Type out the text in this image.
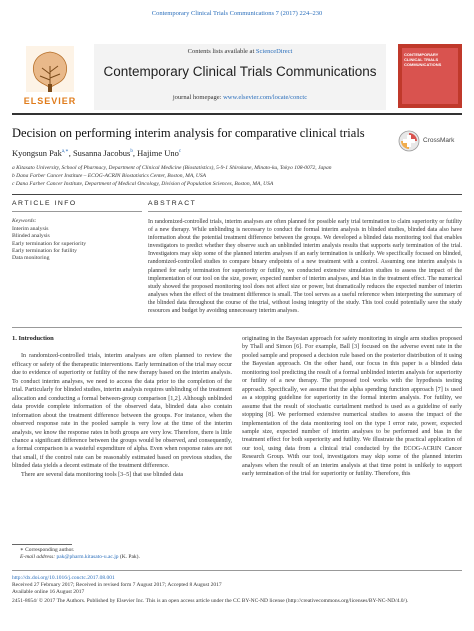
Contemporary Clinical Trials Communications 7 (2017) 224–230
ELSEVIER
Contents lists available at ScienceDirect
Contemporary Clinical Trials Communications
journal homepage: www.elsevier.com/locate/conctc
CONTEMPORARY CLINICAL TRIALS COMMUNICATIONS
Decision on performing interim analysis for comparative clinical trials
CrossMark
Kyongsun Pak$^{a,∗}$, Susanna Jacobus$^b$, Hajime Uno$^c$
a Kitasato University, School of Pharmacy, Department of Clinical Medicine (Biostatistics), 5-9-1 Shirokane, Minato-ku, Tokyo 108-0072, Japan
b Dana Farber Cancer Institute – ECOG-ACRIN Biostatistics Center, Boston, MA, USA
c Dana Farber Cancer Institute, Department of Medical Oncology, Division of Population Sciences, Boston, MA, USA
ARTICLE INFO	ABSTRACT
Keywords:
Interim analysis
Blinded analysis
Early termination for superiority
Early termination for futility
Data monitoring
In randomized-controlled trials, interim analyses are often planned for possible early trial termination to claim superiority or futility of a new therapy. While unblinding is necessary to conduct the formal interim analysis in blinded studies, blinded data also have information about the potential treatment difference between the groups. We developed a blinded data monitoring tool that enables investigators to predict whether they observe such an unblinded interim analysis results that supports early termination of the trial. Investigators may skip some of the planned interim analyses if an early termination is unlikely. We specifically focused on blinded, randomized-controlled studies to compare binary endpoints of a new treatment with a control. Assuming one interim analysis is planned for early termination for superiority or futility, we conducted extensive simulation studies to assess the impact of the implementation of our tool on the size, power, expected number of interim analyses, and bias in the treatment effect. The numerical study showed the proposed monitoring tool does not affect size or power, but dramatically reduces the expected number of interim analyses when the effect of the treatment difference is small. The tool serves as a useful reference when interpreting the summary of the blinded data throughout the course of the trial, without losing integrity of the study. This tool could potentially save the study resources and budget by avoiding unnecessary interim analyses.
1. Introduction

In randomized-controlled trials, interim analyses are often planned to review the efficacy or safety of the therapeutic interventions. Early termination of the trial may occur due to evidence of superiority or futility of the new therapy based on the interim analysis. To conduct interim analyses, we need to access the data prior to the completion of the trial. Particularly for blinded studies, interim analysis requires unblinding of the treatment allocation and conducting a formal between-group comparison [1,2]. Although unblinded data provide complete information of the observed data, blinded data also contain information about the treatment difference between the groups. For instance, when the observed response rate in the pooled sample is very low at the time of the interim analysis, we know the response rates in both groups are very low. Therefore, there is little chance a significant difference between the groups would be observed, and consequently, a formal comparison is a wasteful expenditure of alpha. Even when response rates are not that small, if the control rate can be reasonably estimated based on previous studies, the blinded data yields a decent estimate of the treatment difference.

There are several data monitoring tools [3–5] that use blinded data

originating in the Bayesian approach for safety monitoring in single arm studies proposed by Thall and Simon [6]. For example, Ball [3] focused on the adverse event rate in the pooled sample and proposed a decision rule based on the posterior distribution of it using the Bayesian approach. On the other hand, our focus in this paper is a blinded data monitoring tool predicting the result of a formal unblinded interim analysis for superiority or futility of a new therapy. The proposed tool works with the hypothesis testing approach. Specifically, we assume that the alpha spending function approach [7] is used as a stopping guideline for superiority in the formal interim analysis. For futility, we assume that the result of stochastic curtailment method is used as a guideline of early stopping [8]. We performed extensive numerical studies to assess the impact of the implementation of the data monitoring tool on the type I error rate, power, expected sample size, expected number of interim analyses to be performed and bias in the treatment effect for both superiority and futility. We illustrate the practical application of our tool, using data from a clinical trial conducted by the ECOG-ACRIN Cancer Research Group. With our tool, investigators may skip some of the planned interim analyses when the result of an interim analysis at that time point is unlikely to support early termination of the trial for superiority or futility. Therefore, this

∗ Corresponding author.
E-mail address: pak@pharm.kitasato-u.ac.jp (K. Pak).
http://dx.doi.org/10.1016/j.conctc.2017.08.001
Received 27 February 2017; Received in revised form 7 August 2017; Accepted 8 August 2017
Available online 16 August 2017
2451-8654/ © 2017 The Authors. Published by Elsevier Inc. This is an open access article under the CC BY-NC-ND license (http://creativecommons.org/licenses/BY-NC-ND/4.0/).
